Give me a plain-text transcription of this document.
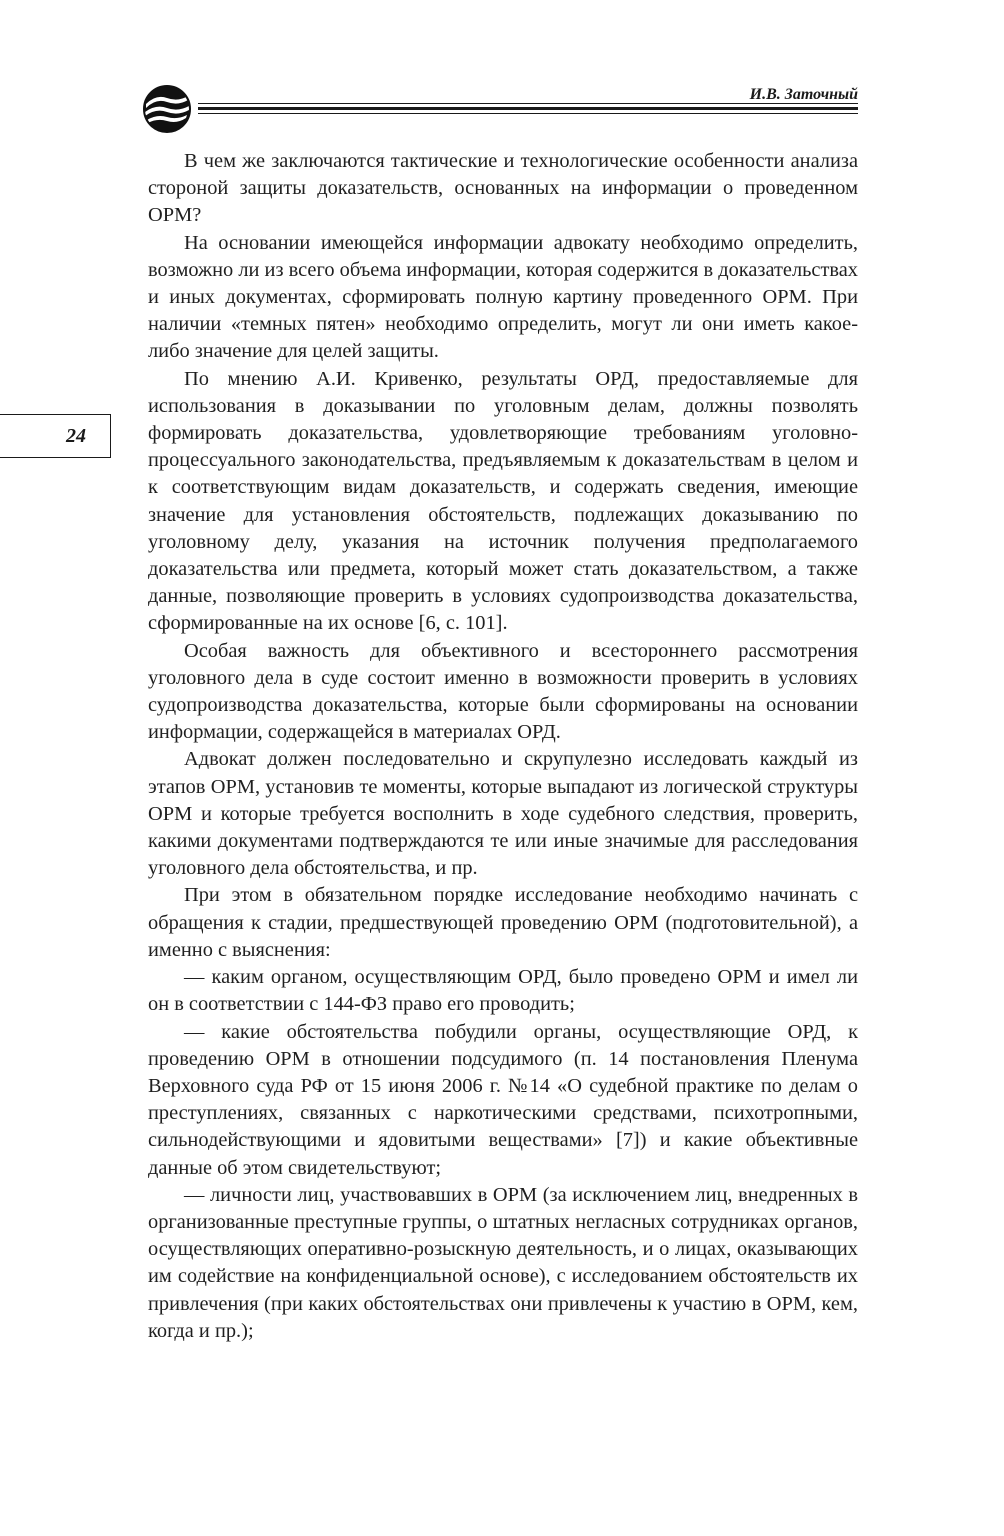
И.В. Заточный
24

В чем же заключаются тактические и технологические особенности анализа стороной защиты доказательств, основанных на информации о проведенном ОРМ?

На основании имеющейся информации адвокату необходимо определить, возможно ли из всего объема информации, которая содержится в доказательствах и иных документах, сформировать полную картину проведенного ОРМ. При наличии «темных пятен» необходимо определить, могут ли они иметь какое-либо значение для целей защиты.

По мнению А.И. Кривенко, результаты ОРД, предоставляемые для использования в доказывании по уголовным делам, должны позволять формировать доказательства, удовлетворяющие требованиям уголовно-процессуального законодательства, предъявляемым к доказательствам в целом и к соответствующим видам доказательств, и содержать сведения, имеющие значение для установления обстоятельств, подлежащих доказыванию по уголовному делу, указания на источник получения предполагаемого доказательства или предмета, который может стать доказательством, а также данные, позволяющие проверить в условиях судопроизводства доказательства, сформированные на их основе [6, с. 101].

Особая важность для объективного и всестороннего рассмотрения уголовного дела в суде состоит именно в возможности проверить в условиях судопроизводства доказательства, которые были сформированы на основании информации, содержащейся в материалах ОРД.

Адвокат должен последовательно и скрупулезно исследовать каждый из этапов ОРМ, установив те моменты, которые выпадают из логической структуры ОРМ и которые требуется восполнить в ходе судебного следствия, проверить, какими документами подтверждаются те или иные значимые для расследования уголовного дела обстоятельства, и пр.

При этом в обязательном порядке исследование необходимо начинать с обращения к стадии, предшествующей проведению ОРМ (подготовительной), а именно с выяснения:

— каким органом, осуществляющим ОРД, было проведено ОРМ и имел ли он в соответствии с 144-ФЗ право его проводить;

— какие обстоятельства побудили органы, осуществляющие ОРД, к проведению ОРМ в отношении подсудимого (п. 14 постановления Пленума Верховного суда РФ от 15 июня 2006 г. №14 «О судебной практике по делам о преступлениях, связанных с наркотическими средствами, психотропными, сильнодействующими и ядовитыми веществами» [7]) и какие объективные данные об этом свидетельствуют;

— личности лиц, участвовавших в ОРМ (за исключением лиц, внедренных в организованные преступные группы, о штатных негласных сотрудниках органов, осуществляющих оперативно-розыскную деятельность, и о лицах, оказывающих им содействие на конфиденциальной основе), с исследованием обстоятельств их привлечения (при каких обстоятельствах они привлечены к участию в ОРМ, кем, когда и пр.);
